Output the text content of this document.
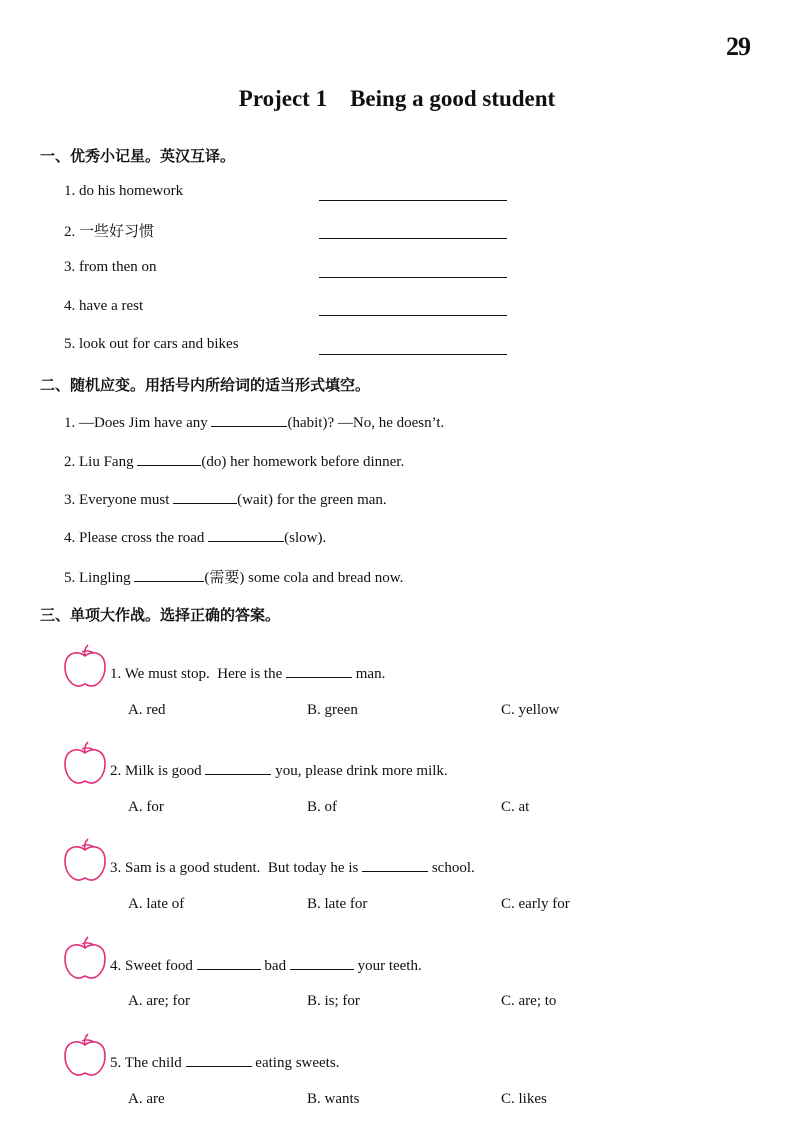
29
Project 1    Being a good student
一、优秀小记星。英汉互译。
1. do his homework
2. 一些好习惯
3. from then on
4. have a rest
5. look out for cars and bikes
二、随机应变。用括号内所给词的适当形式填空。
1. —Does Jim have any	(habit)? —No, he doesn’t.
2. Liu Fang	(do) her homework before dinner.
3. Everyone must	(wait) for the green man.
4. Please cross the road	(slow).
5. Lingling	(需要) some cola and bread now.
三、单项大作战。选择正确的答案。
1. We must stop.  Here is the	man.
A. red	B. green	C. yellow
2. Milk is good	you, please drink more milk.
A. for	B. of	C. at
3. Sam is a good student.  But today he is	school.
A. late of	B. late for	C. early for
4. Sweet food	bad	your teeth.
A. are; for	B. is; for	C. are; to
5. The child	eating sweets.
A. are	B. wants	C. likes
